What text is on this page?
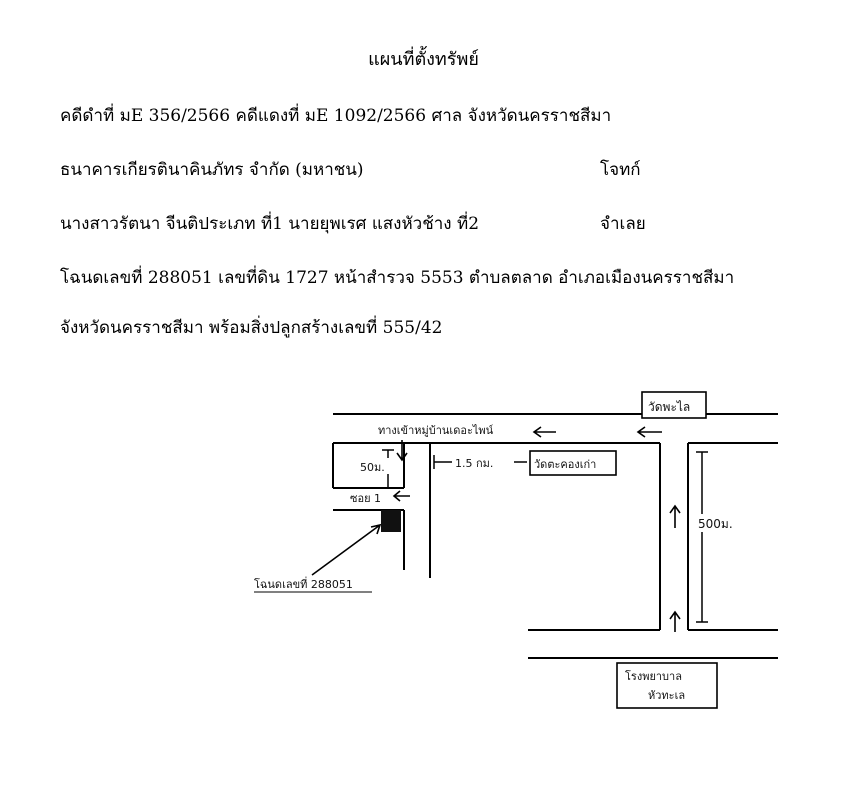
แผนที่ตั้งทรัพย์
คดีดำที่ มE 356/2566 คดีแดงที่ มE 1092/2566 ศาล จังหวัดนครราชสีมา
ธนาคารเกียรตินาคินภัทร จำกัด (มหาชน)	โจทก์
นางสาวรัตนา จีนติประเภท ที่1 นายยุพเรศ แสงหัวช้าง ที่2	จำเลย
โฉนดเลขที่ 288051 เลขที่ดิน 1727 หน้าสำรวจ 5553 ตำบลตลาด อำเภอเมืองนครราชสีมา
จังหวัดนครราชสีมา พร้อมสิ่งปลูกสร้างเลขที่ 555/42
วัดพะไล
ทางเข้าหมู่บ้านเดอะไพน์
วัดตะคองเก่า
โรงพยาบาล
หัวทะเล
50ม.	1.5 กม.
500ม.
ซอย 1
โฉนดเลขที่ 288051
